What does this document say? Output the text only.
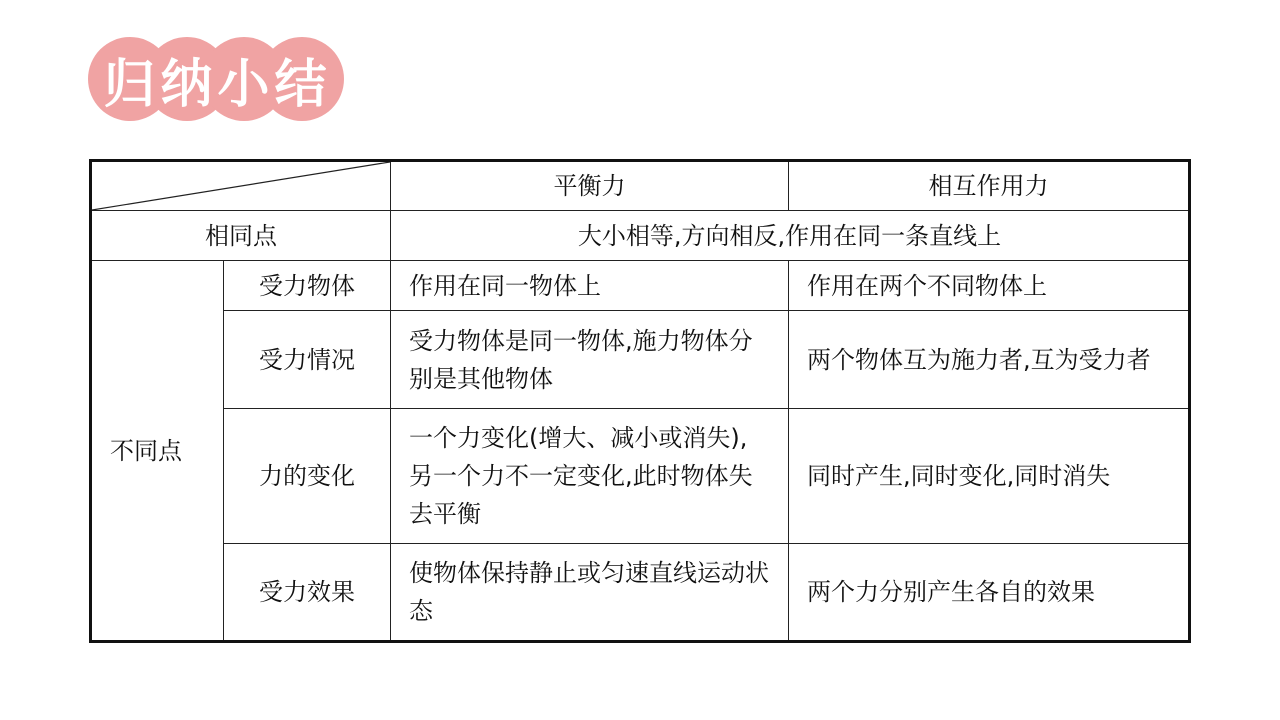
归 纳 小 结
	平衡力	相互作用力
相同点		大小相等,方向相反,作用在同一条直线上	
不同点	受力物体	作用在同一物体上	作用在两个不同物体上
	受力情况	受力物体是同一物体,施力物体分别是其他物体	两个物体互为施力者,互为受力者
	力的变化	一个力变化(增大、减小或消失),另一个力不一定变化,此时物体失去平衡	同时产生,同时变化,同时消失
	受力效果	使物体保持静止或匀速直线运动状态	两个力分别产生各自的效果
